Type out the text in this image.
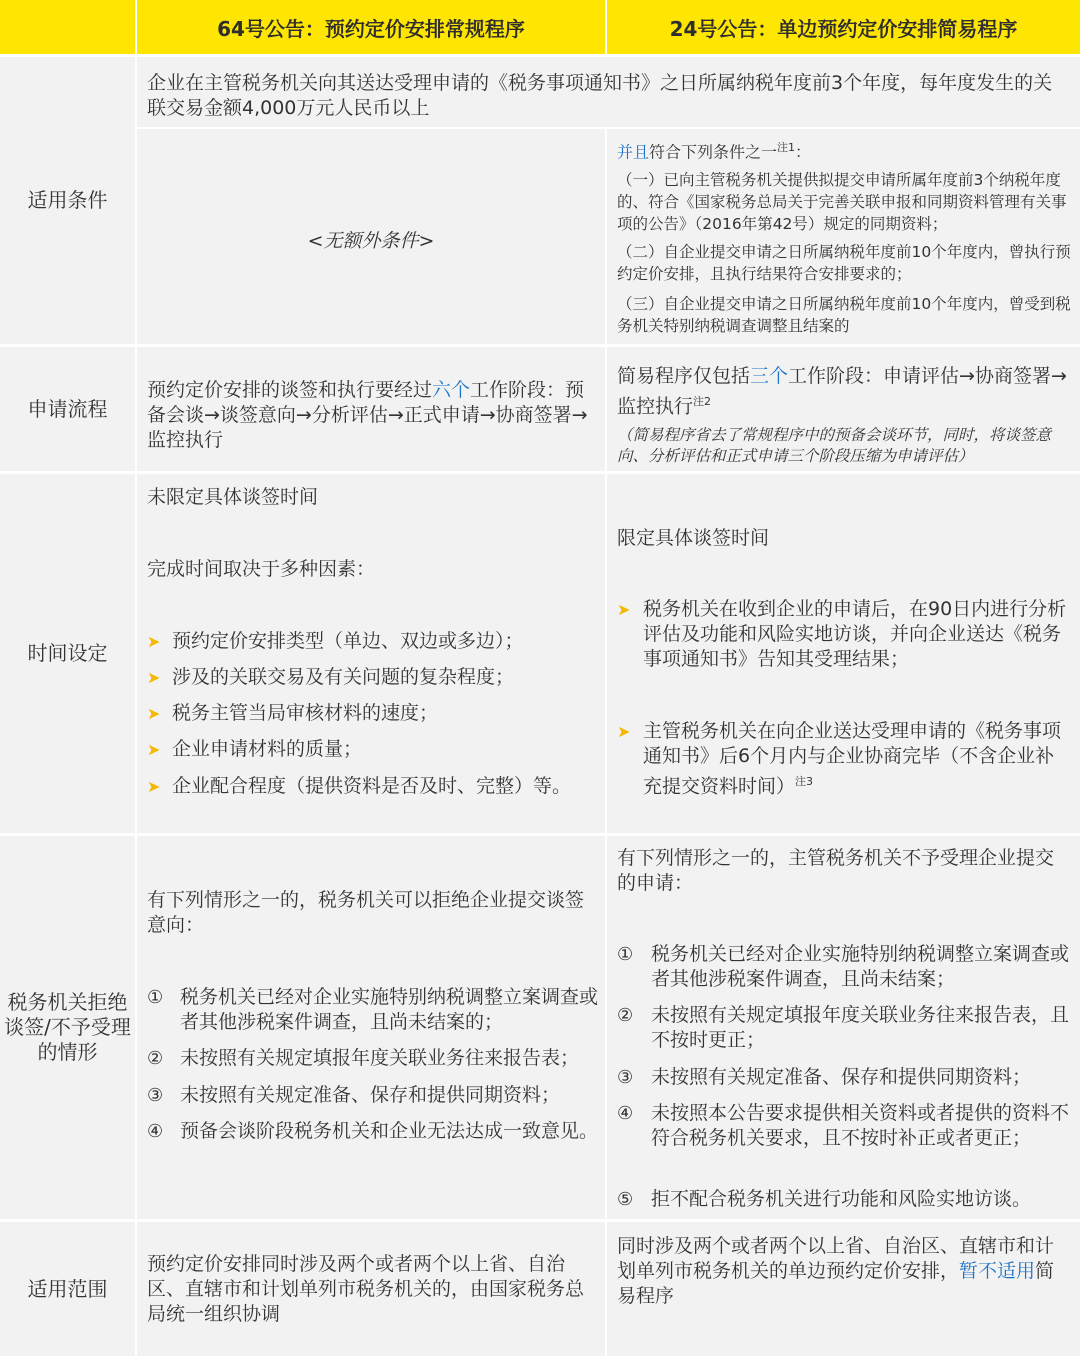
64号公告：预约定价安排常规程序	24号公告：单边预约定价安排简易程序
适用条件
企业在主管税务机关向其送达受理申请的《税务事项通知书》之日所属纳税年度前3个年度，每年度发生的关联交易金额4,000万元人民币以上
<无额外条件>
并且符合下列条件之一$^{注1}$：
（一）已向主管税务机关提供拟提交申请所属年度前3个纳税年度的、符合《国家税务总局关于完善关联申报和同期资料管理有关事项的公告》（2016年第42号）规定的同期资料；
（二）自企业提交申请之日所属纳税年度前10个年度内，曾执行预约定价安排，且执行结果符合安排要求的；
（三）自企业提交申请之日所属纳税年度前10个年度内，曾受到税务机关特别纳税调查调整且结案的
申请流程
预约定价安排的谈签和执行要经过六个工作阶段：预备会谈→谈签意向→分析评估→正式申请→协商签署→监控执行
简易程序仅包括三个工作阶段：申请评估→协商签署→监控执行$^{注2}$
（简易程序省去了常规程序中的预备会谈环节，同时，将谈签意向、分析评估和正式申请三个阶段压缩为申请评估）
时间设定
未限定具体谈签时间
完成时间取决于多种因素：
➤ 预约定价安排类型（单边、双边或多边）；
➤ 涉及的关联交易及有关问题的复杂程度；
➤ 税务主管当局审核材料的速度；
➤ 企业申请材料的质量；
➤ 企业配合程度（提供资料是否及时、完整）等。
限定具体谈签时间
➤ 税务机关在收到企业的申请后，在90日内进行分析评估及功能和风险实地访谈，并向企业送达《税务事项通知书》告知其受理结果；
➤ 主管税务机关在向企业送达受理申请的《税务事项通知书》后6个月内与企业协商完毕（不含企业补充提交资料时间）$^{注3}$
税务机关拒绝谈签/不予受理的情形
有下列情形之一的，税务机关可以拒绝企业提交谈签意向：
① 税务机关已经对企业实施特别纳税调整立案调查或者其他涉税案件调查，且尚未结案的；
② 未按照有关规定填报年度关联业务往来报告表；
③ 未按照有关规定准备、保存和提供同期资料；
④ 预备会谈阶段税务机关和企业无法达成一致意见。
有下列情形之一的，主管税务机关不予受理企业提交的申请：
① 税务机关已经对企业实施特别纳税调整立案调查或者其他涉税案件调查，且尚未结案；
② 未按照有关规定填报年度关联业务往来报告表，且不按时更正；
③ 未按照有关规定准备、保存和提供同期资料；
④ 未按照本公告要求提供相关资料或者提供的资料不符合税务机关要求，且不按时补正或者更正；
⑤ 拒不配合税务机关进行功能和风险实地访谈。
适用范围
预约定价安排同时涉及两个或者两个以上省、自治区、直辖市和计划单列市税务机关的，由国家税务总局统一组织协调
同时涉及两个或者两个以上省、自治区、直辖市和计划单列市税务机关的单边预约定价安排，暂不适用简易程序
